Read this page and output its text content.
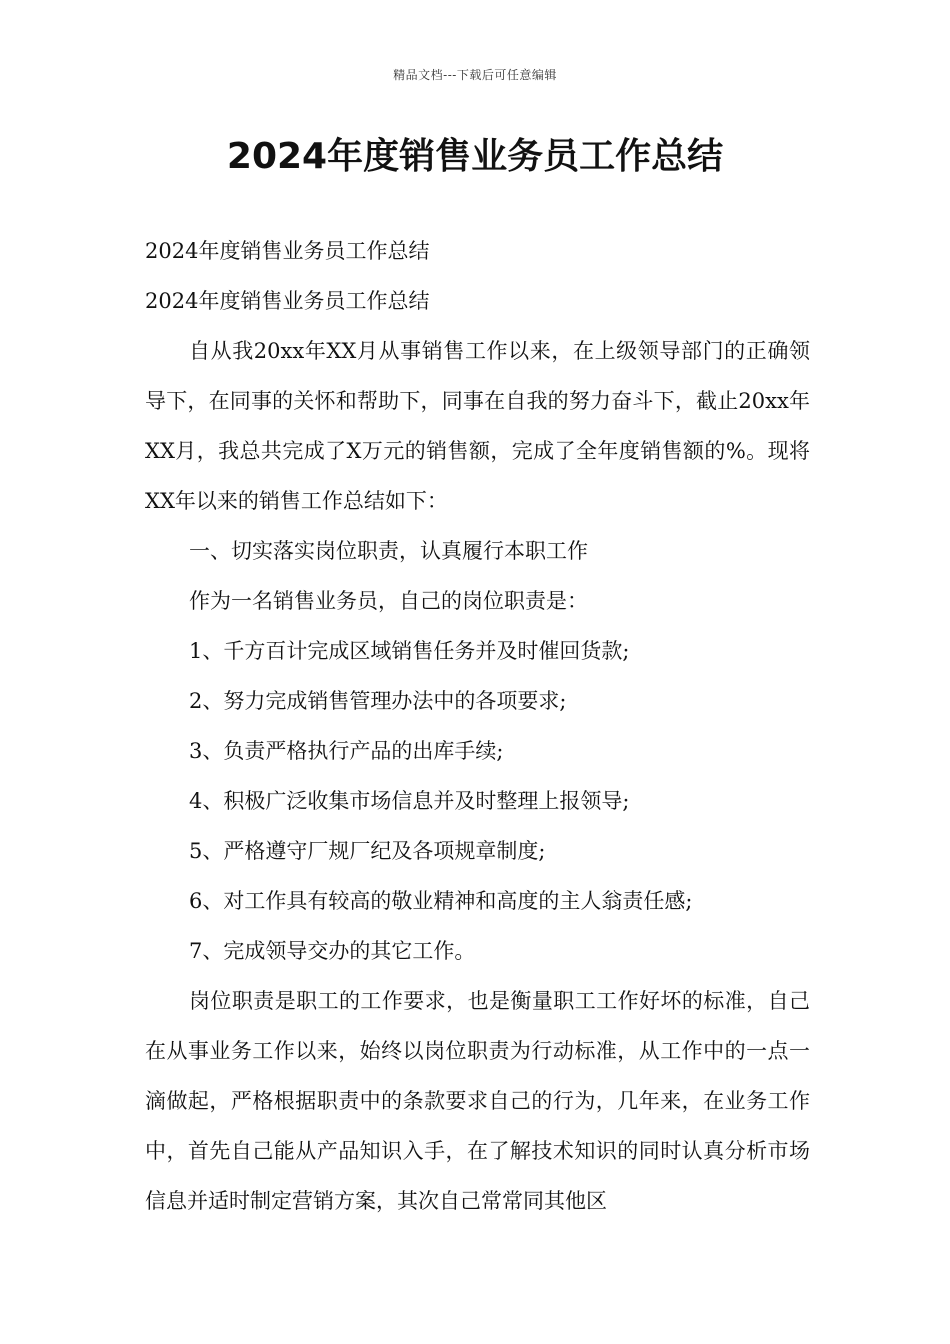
精品文档---下载后可任意编辑
2024年度销售业务员工作总结

2024年度销售业务员工作总结

2024年度销售业务员工作总结

自从我20xx年XX月从事销售工作以来，在上级领导部门的正确领导下，在同事的关怀和帮助下，同事在自我的努力奋斗下，截止20xx年XX月，我总共完成了X万元的销售额，完成了全年度销售额的%。现将XX年以来的销售工作总结如下：

一、切实落实岗位职责，认真履行本职工作

作为一名销售业务员，自己的岗位职责是：

1、千方百计完成区域销售任务并及时催回货款;

2、努力完成销售管理办法中的各项要求;

3、负责严格执行产品的出库手续;

4、积极广泛收集市场信息并及时整理上报领导;

5、严格遵守厂规厂纪及各项规章制度;

6、对工作具有较高的敬业精神和高度的主人翁责任感;

7、完成领导交办的其它工作。

岗位职责是职工的工作要求，也是衡量职工工作好坏的标准，自己在从事业务工作以来，始终以岗位职责为行动标准，从工作中的一点一滴做起，严格根据职责中的条款要求自己的行为，几年来，在业务工作中，首先自己能从产品知识入手，在了解技术知识的同时认真分析市场信息并适时制定营销方案，其次自己常常同其他区
